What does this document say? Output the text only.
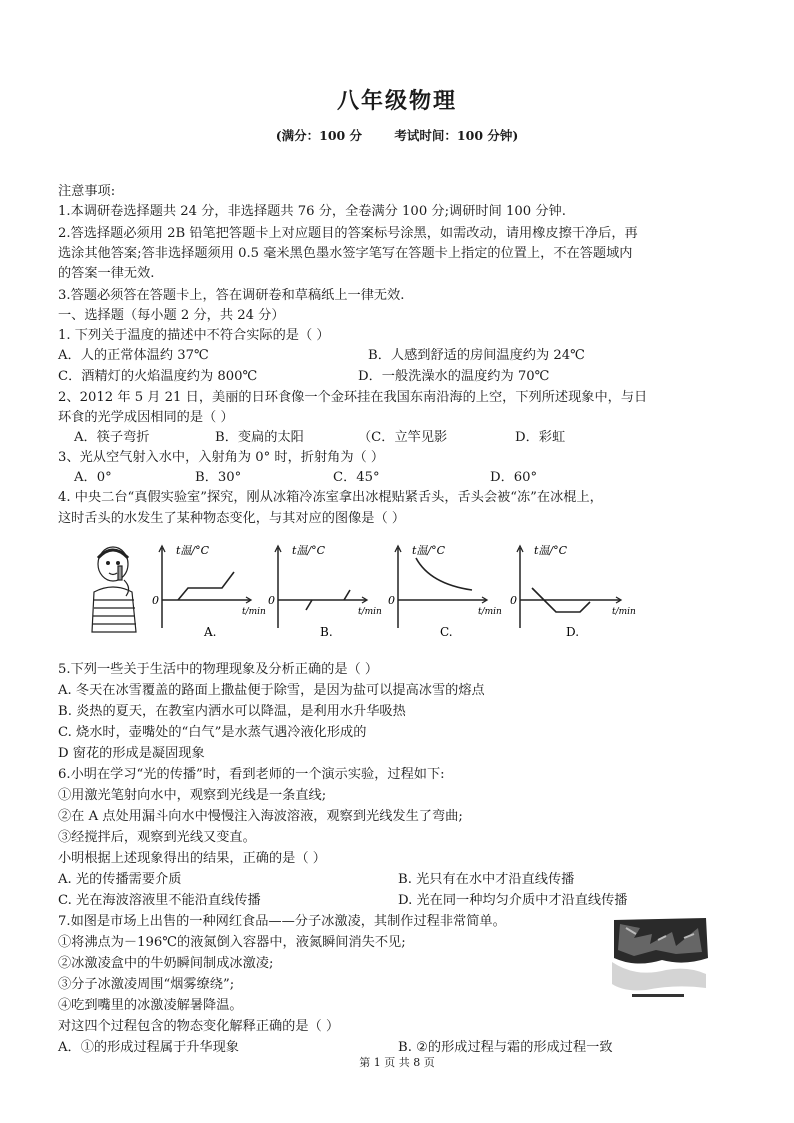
八年级物理
(满分：100 分	考试时间：100 分钟)
注意事项:
1.本调研卷选择题共 24 分，非选择题共 76 分，全卷满分 100 分;调研时间 100 分钟.
2.答选择题必须用 2B 铅笔把答题卡上对应题目的答案标号涂黑，如需改动，请用橡皮擦干净后，再
选涂其他答案;答非选择题须用 0.5 毫米黑色墨水签字笔写在答题卡上指定的位置上，不在答题域内
的答案一律无效.
3.答题必须答在答题卡上，答在调研卷和草稿纸上一律无效.
一、选择题（每小题 2 分，共 24 分）
1. 下列关于温度的描述中不符合实际的是（ ）
A．人的正常体温约 37℃	B．人感到舒适的房间温度约为 24℃
C．酒精灯的火焰温度约为 800℃	D．一般洗澡水的温度约为 70℃
2、2012 年 5 月 21 日，美丽的日环食像一个金环挂在我国东南沿海的上空，下列所述现象中，与日
环食的光学成因相同的是（ ）
A．筷子弯折	B．变扁的太阳	（C．立竿见影	D．彩虹
3、光从空气射入水中，入射角为 0° 时，折射角为（ ）
A．0°	B．30°	C．45°	D．60°
4. 中央二台“真假实验室”探究，刚从冰箱冷冻室拿出冰棍贴紧舌头，舌头会被“冻”在冰棍上，
这时舌头的水发生了某种物态变化，与其对应的图像是（ ）
t温/°C
0
t/min
A.
t温/°C
0
t/min
B.
t温/°C
0
t/min
C.
t温/°C
0
t/min
D.
5.下列一些关于生活中的物理现象及分析正确的是（ ）
A. 冬天在冰雪覆盖的路面上撒盐便于除雪，是因为盐可以提高冰雪的熔点
B. 炎热的夏天，在教室内洒水可以降温，是利用水升华吸热
C. 烧水时，壶嘴处的“白气”是水蒸气遇冷液化形成的
D 窗花的形成是凝固现象
6.小明在学习“光的传播”时，看到老师的一个演示实验，过程如下:
①用激光笔射向水中，观察到光线是一条直线;
②在 A 点处用漏斗向水中慢慢注入海波溶液，观察到光线发生了弯曲;
③经搅拌后，观察到光线又变直。
小明根据上述现象得出的结果，正确的是（ ）
A. 光的传播需要介质	B. 光只有在水中才沿直线传播
C. 光在海波溶液里不能沿直线传播	D. 光在同一种均匀介质中才沿直线传播
7.如图是市场上出售的一种网红食品——分子冰激凌，其制作过程非常简单。
①将沸点为－196℃的液氮倒入容器中，液氮瞬间消失不见;
②冰激凌盒中的牛奶瞬间制成冰激凌;
③分子冰激凌周围“烟雾缭绕”;
④吃到嘴里的冰激凌解暑降温。
对这四个过程包含的物态变化解释正确的是（ ）
A．①的形成过程属于升华现象	B. ②的形成过程与霜的形成过程一致
第 1 页 共 8 页
